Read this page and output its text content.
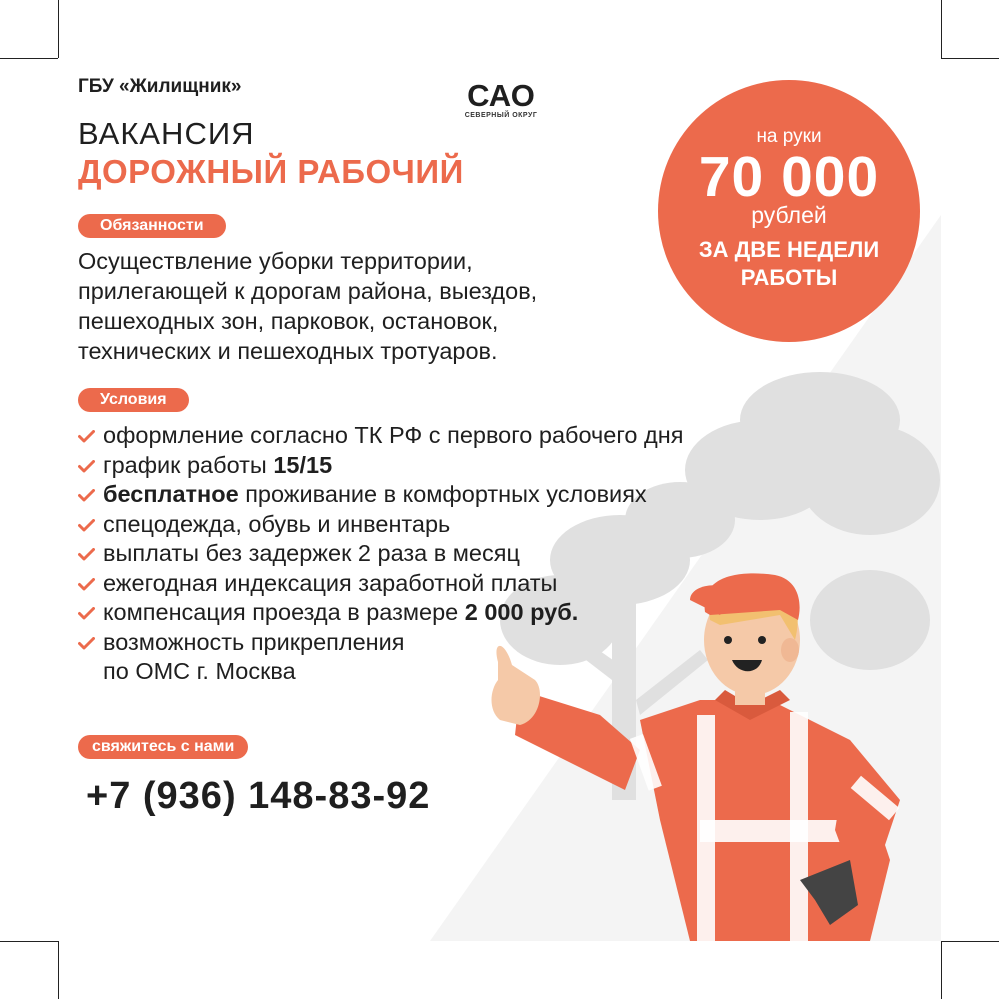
ГБУ «Жилищник»	САО
СЕВЕРНЫЙ ОКРУГ
ВАКАНСИЯ
ДОРОЖНЫЙ РАБОЧИЙ
на руки
70 000
рублей
ЗА ДВЕ НЕДЕЛИ
РАБОТЫ
Обязанности
Осуществление уборки территории,
прилегающей к дорогам района, выездов,
пешеходных зон, парковок, остановок,
технических и пешеходных тротуаров.
Условия
оформление согласно ТК РФ с первого рабочего дня
график работы 15/15
бесплатное проживание в комфортных условиях
спецодежда, обувь и инвентарь
выплаты без задержек 2 раза в месяц
ежегодная индексация заработной платы
компенсация проезда в размере 2 000 руб.
возможность прикрепления
по ОМС г. Москва
свяжитесь с нами
+7 (936) 148-83-92
